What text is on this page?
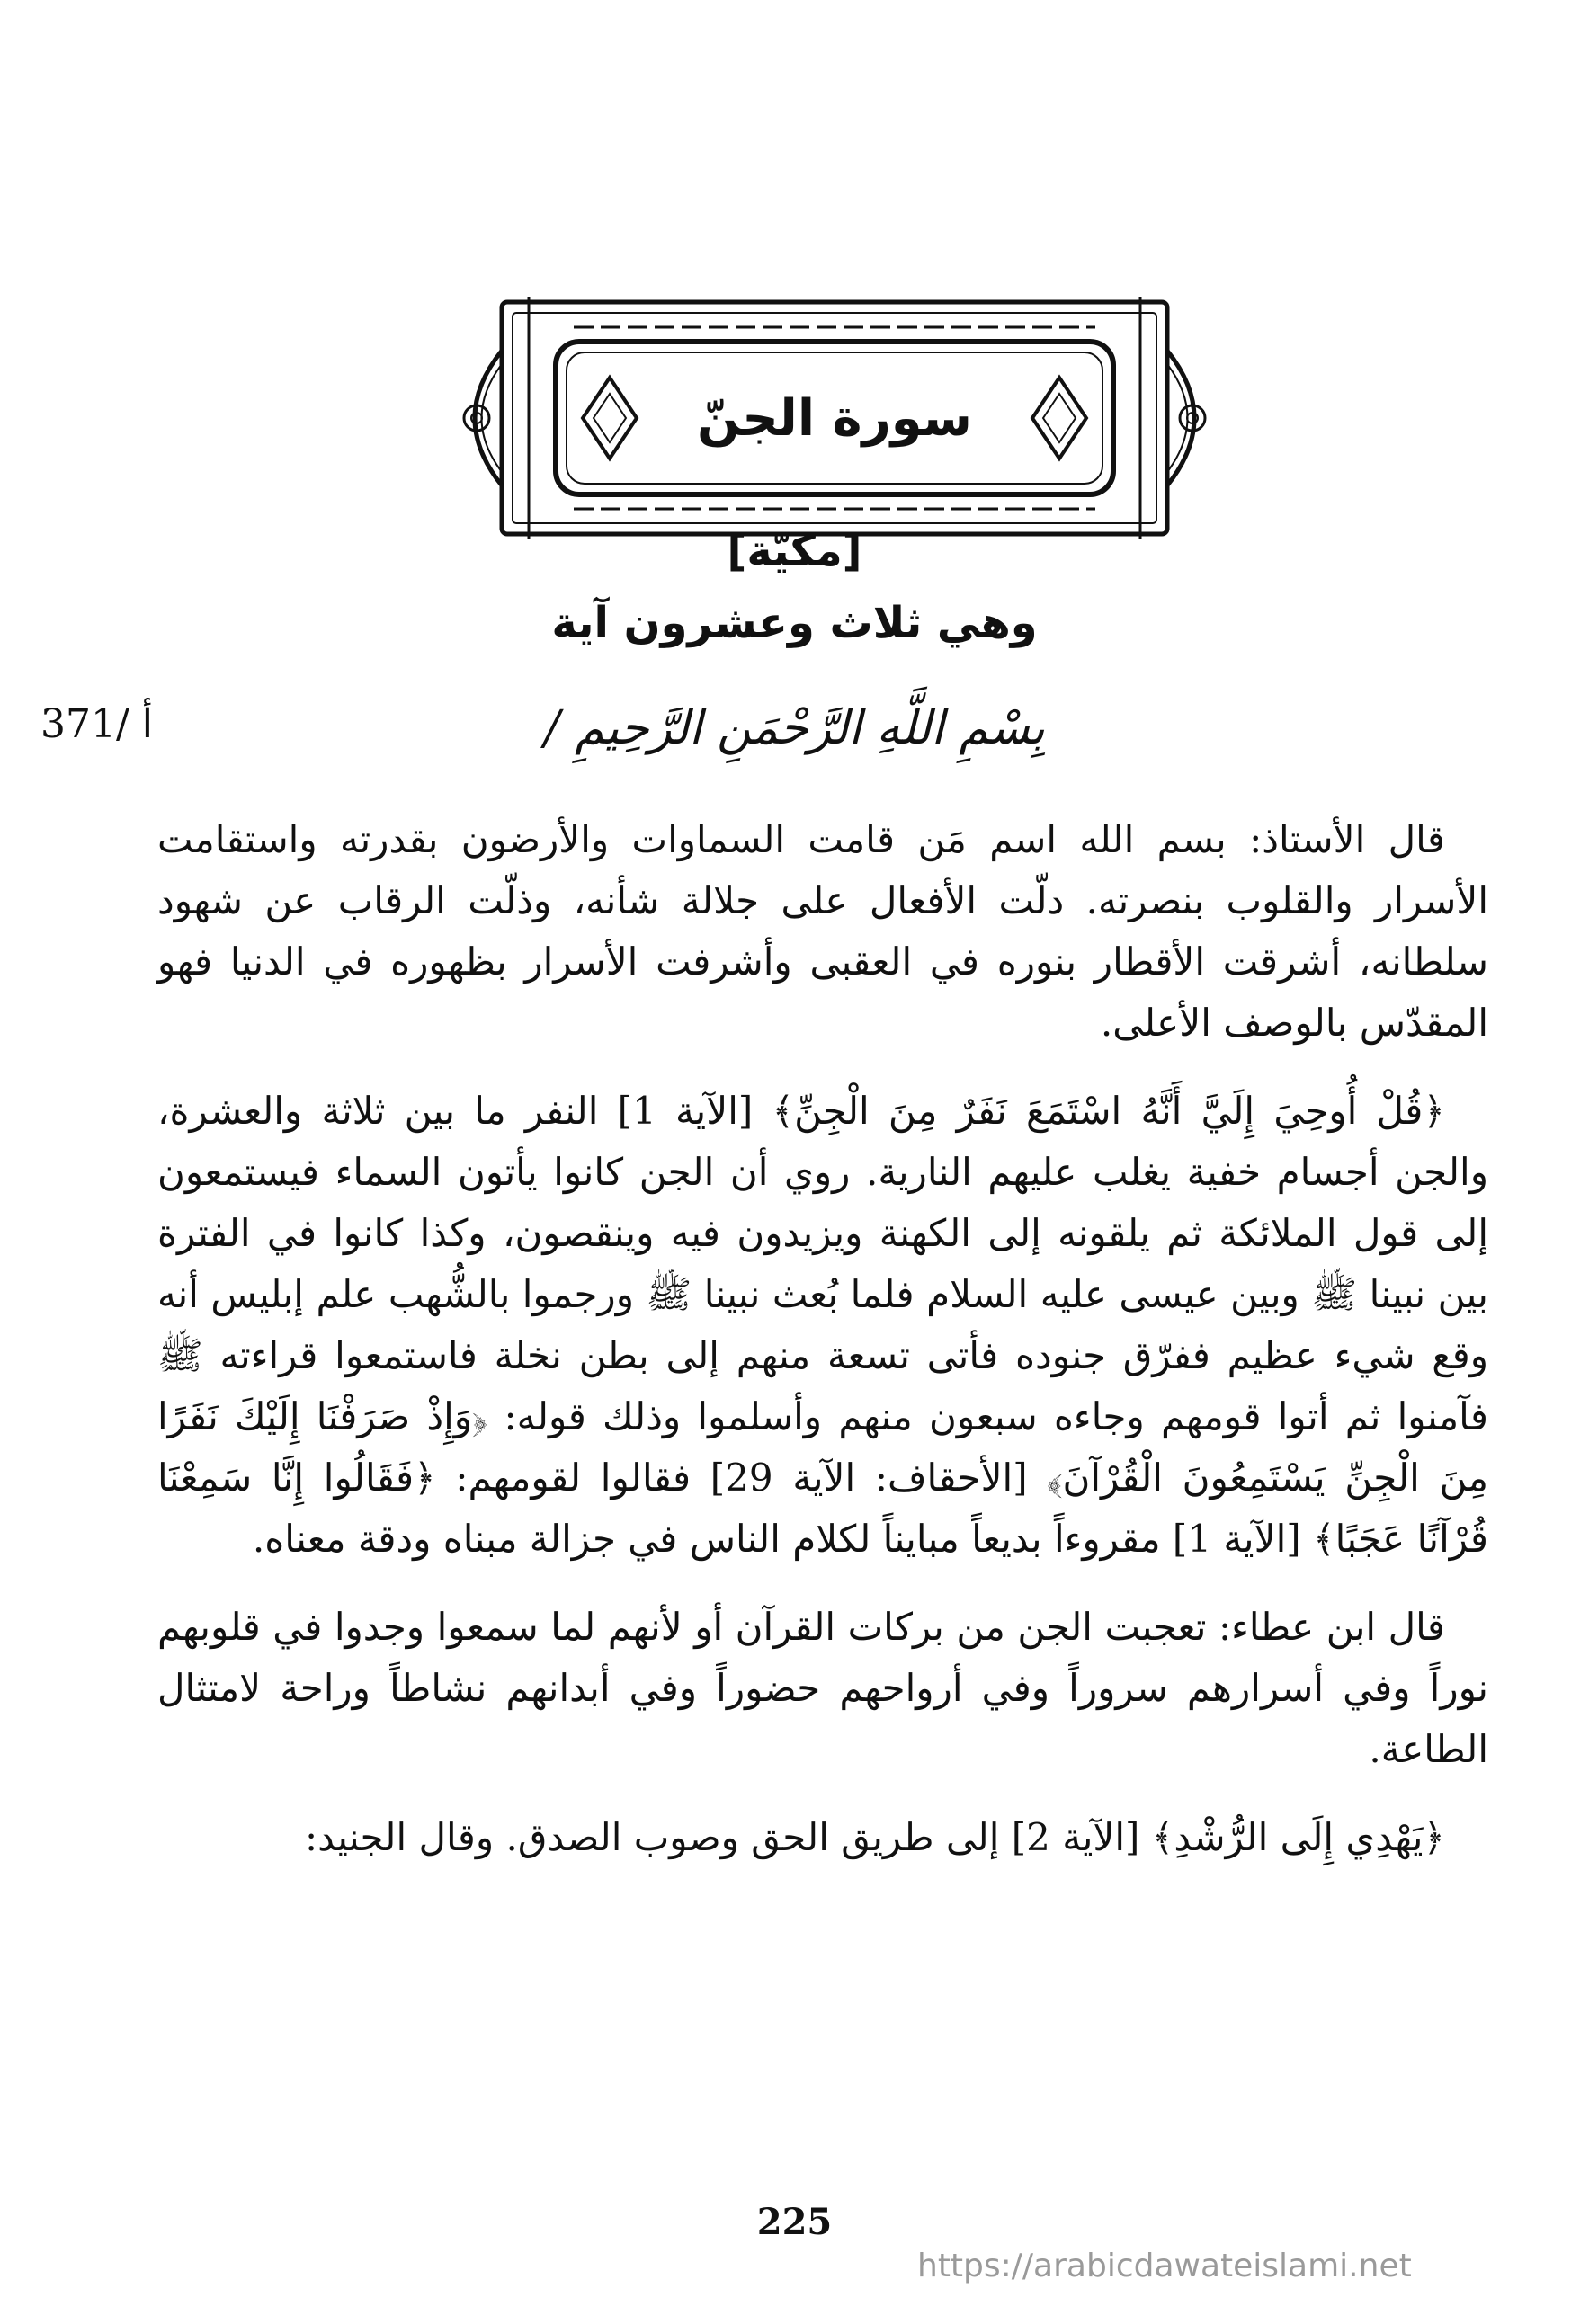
سورة الجنّ
[مكيّة]
وهي ثلاث وعشرون آية
371/ أ	بِسْمِ اللَّهِ الرَّحْمَنِ الرَّحِيمِ /

قال الأستاذ: بسم الله اسم مَن قامت السماوات والأرضون بقدرته واستقامت الأسرار والقلوب بنصرته. دلّت الأفعال على جلالة شأنه، وذلّت الرقاب عن شهود سلطانه، أشرقت الأقطار بنوره في العقبى وأشرفت الأسرار بظهوره في الدنيا فهو المقدّس بالوصف الأعلى.

﴿قُلْ أُوحِيَ إِلَيَّ أَنَّهُ اسْتَمَعَ نَفَرٌ مِنَ الْجِنِّ﴾ [الآية 1] النفر ما بين ثلاثة والعشرة، والجن أجسام خفية يغلب عليهم النارية. روي أن الجن كانوا يأتون السماء فيستمعون إلى قول الملائكة ثم يلقونه إلى الكهنة ويزيدون فيه وينقصون، وكذا كانوا في الفترة بين نبينا ﷺ وبين عيسى عليه السلام فلما بُعث نبينا ﷺ ورجموا بالشُّهب علم إبليس أنه وقع شيء عظيم ففرّق جنوده فأتى تسعة منهم إلى بطن نخلة فاستمعوا قراءته ﷺ فآمنوا ثم أتوا قومهم وجاءه سبعون منهم وأسلموا وذلك قوله: ﴿وَإِذْ صَرَفْنَا إِلَيْكَ نَفَرًا مِنَ الْجِنِّ يَسْتَمِعُونَ الْقُرْآنَ﴾ [الأحقاف: الآية 29] فقالوا لقومهم: ﴿فَقَالُوا إِنَّا سَمِعْنَا قُرْآنًا عَجَبًا﴾ [الآية 1] مقروءاً بديعاً مبايناً لكلام الناس في جزالة مبناه ودقة معناه.

قال ابن عطاء: تعجبت الجن من بركات القرآن أو لأنهم لما سمعوا وجدوا في قلوبهم نوراً وفي أسرارهم سروراً وفي أرواحهم حضوراً وفي أبدانهم نشاطاً وراحة لامتثال الطاعة.

﴿يَهْدِي إِلَى الرُّشْدِ﴾ [الآية 2] إلى طريق الحق وصوب الصدق. وقال الجنيد:

225
https://arabicdawateislami.net
